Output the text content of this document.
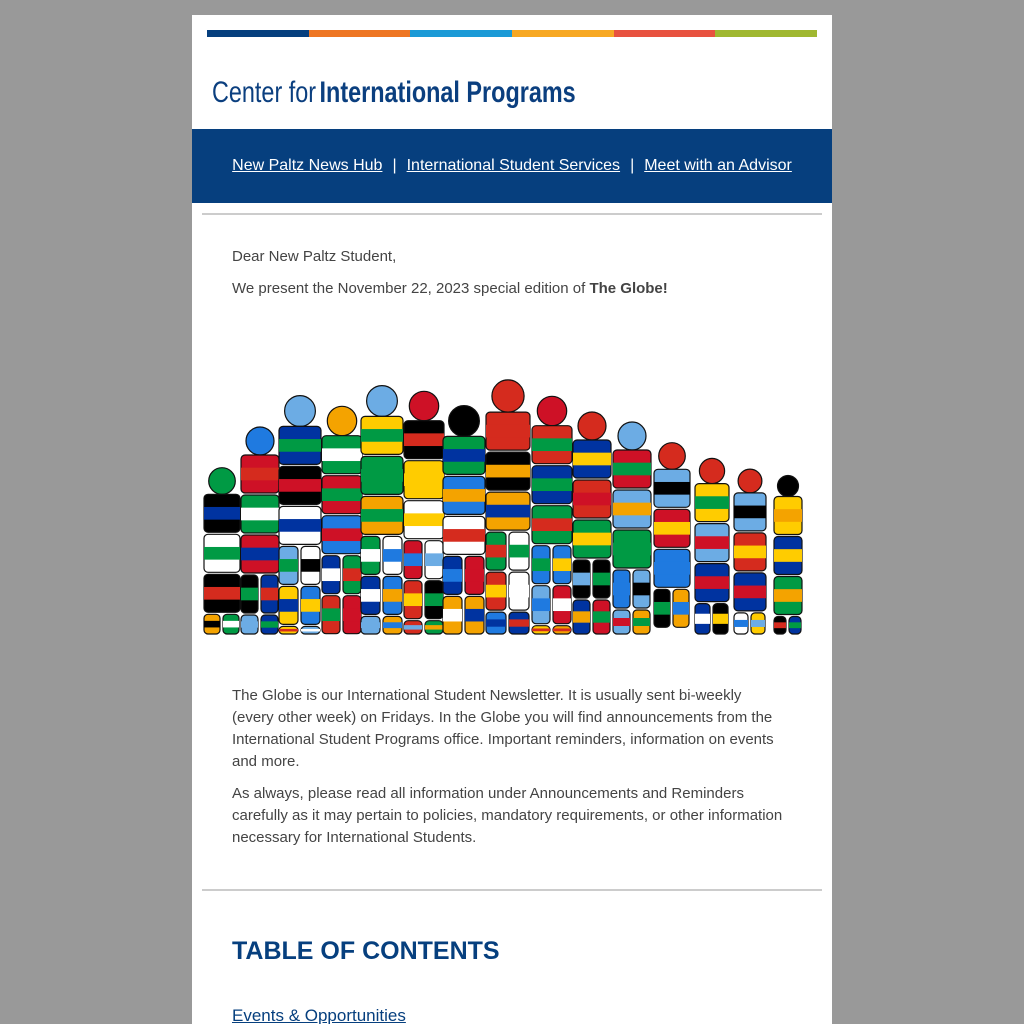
Center for International Programs
New Paltz News Hub | International Student Services | Meet with an Advisor

Dear New Paltz Student,

We present the November 22, 2023 special edition of The Globe!

The Globe is our International Student Newsletter. It is usually sent bi-weekly (every other week) on Fridays. In the Globe you will find announcements from the International Student Programs office. Important reminders, information on events and more.

As always, please read all information under Announcements and Reminders carefully as it may pertain to policies, mandatory requirements, or other information necessary for International Students.

TABLE OF CONTENTS
Events & Opportunities
